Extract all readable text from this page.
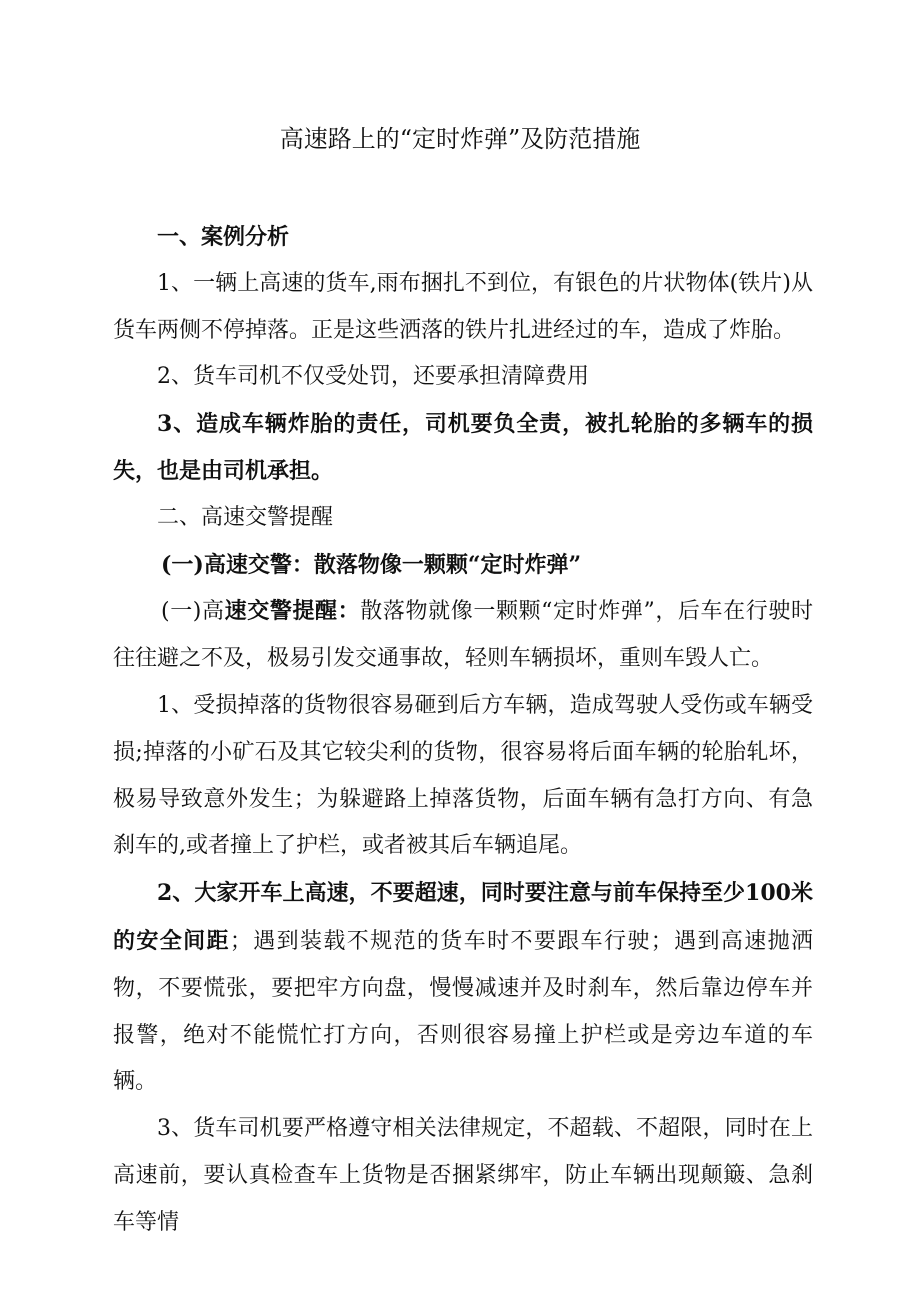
高速路上的“定时炸弹”及防范措施

一、案例分析

1、一辆上高速的货车,雨布捆扎不到位，有银色的片状物体(铁片)从货车两侧不停掉落。正是这些洒落的铁片扎进经过的车，造成了炸胎。

2、货车司机不仅受处罚，还要承担清障费用

3、造成车辆炸胎的责任，司机要负全责，被扎轮胎的多辆车的损失，也是由司机承担。

二、高速交警提醒

(一)高速交警：散落物像一颗颗“定时炸弹”

(一)高速交警提醒：散落物就像一颗颗“定时炸弹”，后车在行驶时往往避之不及，极易引发交通事故，轻则车辆损坏，重则车毁人亡。

1、受损掉落的货物很容易砸到后方车辆，造成驾驶人受伤或车辆受损;掉落的小矿石及其它较尖利的货物，很容易将后面车辆的轮胎轧坏，极易导致意外发生；为躲避路上掉落货物，后面车辆有急打方向、有急刹车的,或者撞上了护栏，或者被其后车辆追尾。

2、大家开车上高速，不要超速，同时要注意与前车保持至少100米的安全间距；遇到装载不规范的货车时不要跟车行驶；遇到高速抛洒物，不要慌张，要把牢方向盘，慢慢减速并及时刹车，然后靠边停车并报警，绝对不能慌忙打方向，否则很容易撞上护栏或是旁边车道的车辆。

3、货车司机要严格遵守相关法律规定，不超载、不超限，同时在上高速前，要认真检查车上货物是否捆紧绑牢，防止车辆出现颠簸、急刹车等情
